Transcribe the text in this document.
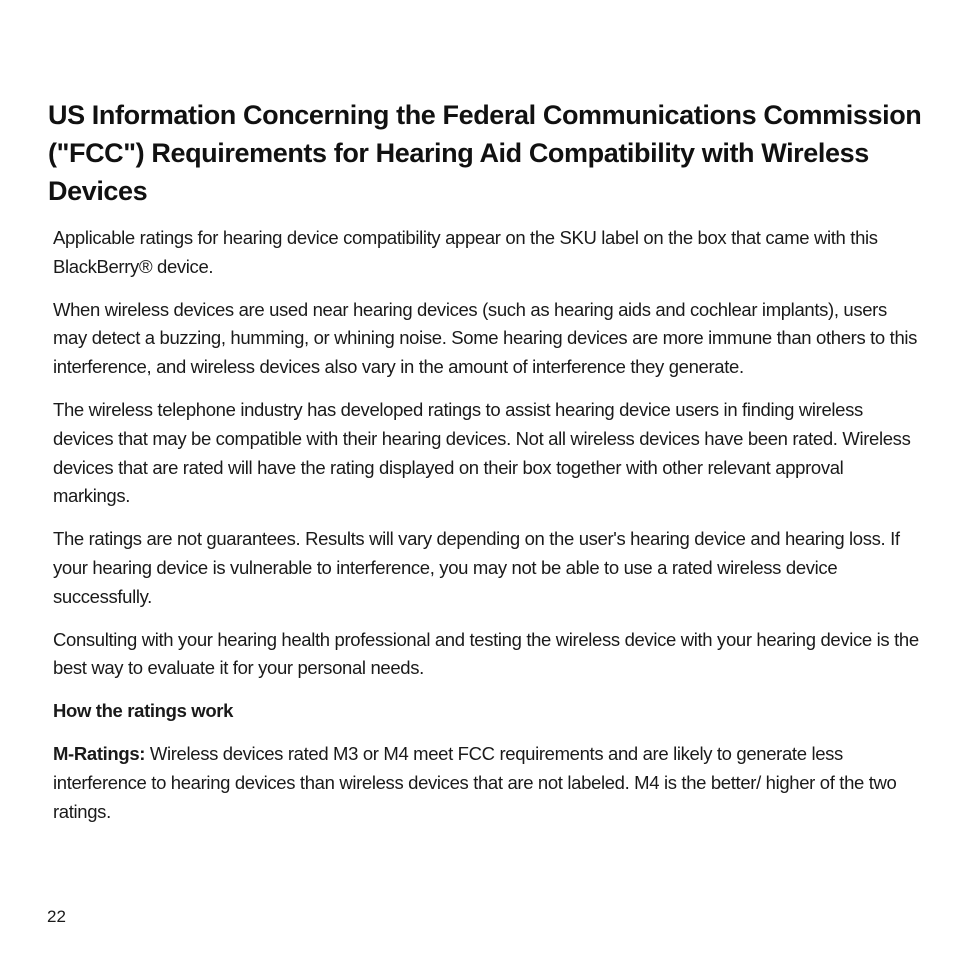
US Information Concerning the Federal Communications Commission ("FCC") Requirements for Hearing Aid Compatibility with Wireless Devices

Applicable ratings for hearing device compatibility appear on the SKU label on the box that came with this BlackBerry® device.

When wireless devices are used near hearing devices (such as hearing aids and cochlear implants), users may detect a buzzing, humming, or whining noise. Some hearing devices are more immune than others to this interference, and wireless devices also vary in the amount of interference they generate.

The wireless telephone industry has developed ratings to assist hearing device users in finding wireless devices that may be compatible with their hearing devices. Not all wireless devices have been rated. Wireless devices that are rated will have the rating displayed on their box together with other relevant approval markings.

The ratings are not guarantees. Results will vary depending on the user's hearing device and hearing loss. If your hearing device is vulnerable to interference, you may not be able to use a rated wireless device successfully.

Consulting with your hearing health professional and testing the wireless device with your hearing device is the best way to evaluate it for your personal needs.

How the ratings work

M-Ratings: Wireless devices rated M3 or M4 meet FCC requirements and are likely to generate less interference to hearing devices than wireless devices that are not labeled. M4 is the better/ higher of the two ratings.

22
